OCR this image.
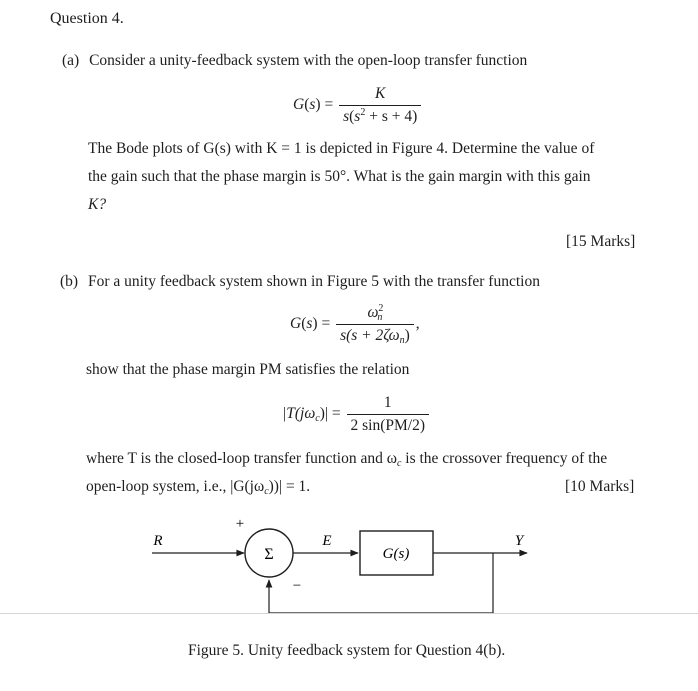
Question 4.
(a) Consider a unity-feedback system with the open-loop transfer function
$G(s) = \frac{K}{s(s^2 + s + 4)}$
The Bode plots of G(s) with K = 1 is depicted in Figure 4. Determine the value of
the gain such that the phase margin is 50°. What is the gain margin with this gain
K?
[15 Marks]
(b) For a unity feedback system shown in Figure 5 with the transfer function
$G(s) = \frac{\omega^2_n}{s(s + 2\zeta\omega_n)}$ ,
show that the phase margin PM satisfies the relation
$|T(j\omega_c)| = \frac{1}{2 \sin(PM/2)}$
where T is the closed-loop transfer function and $\omega_c$ is the crossover frequency of the
open-loop system, i.e., $|G(j\omega_c))| = 1$.	[10 Marks]
Σ
+
−
G(s)
R	E	Y
Figure 5. Unity feedback system for Question 4(b).
